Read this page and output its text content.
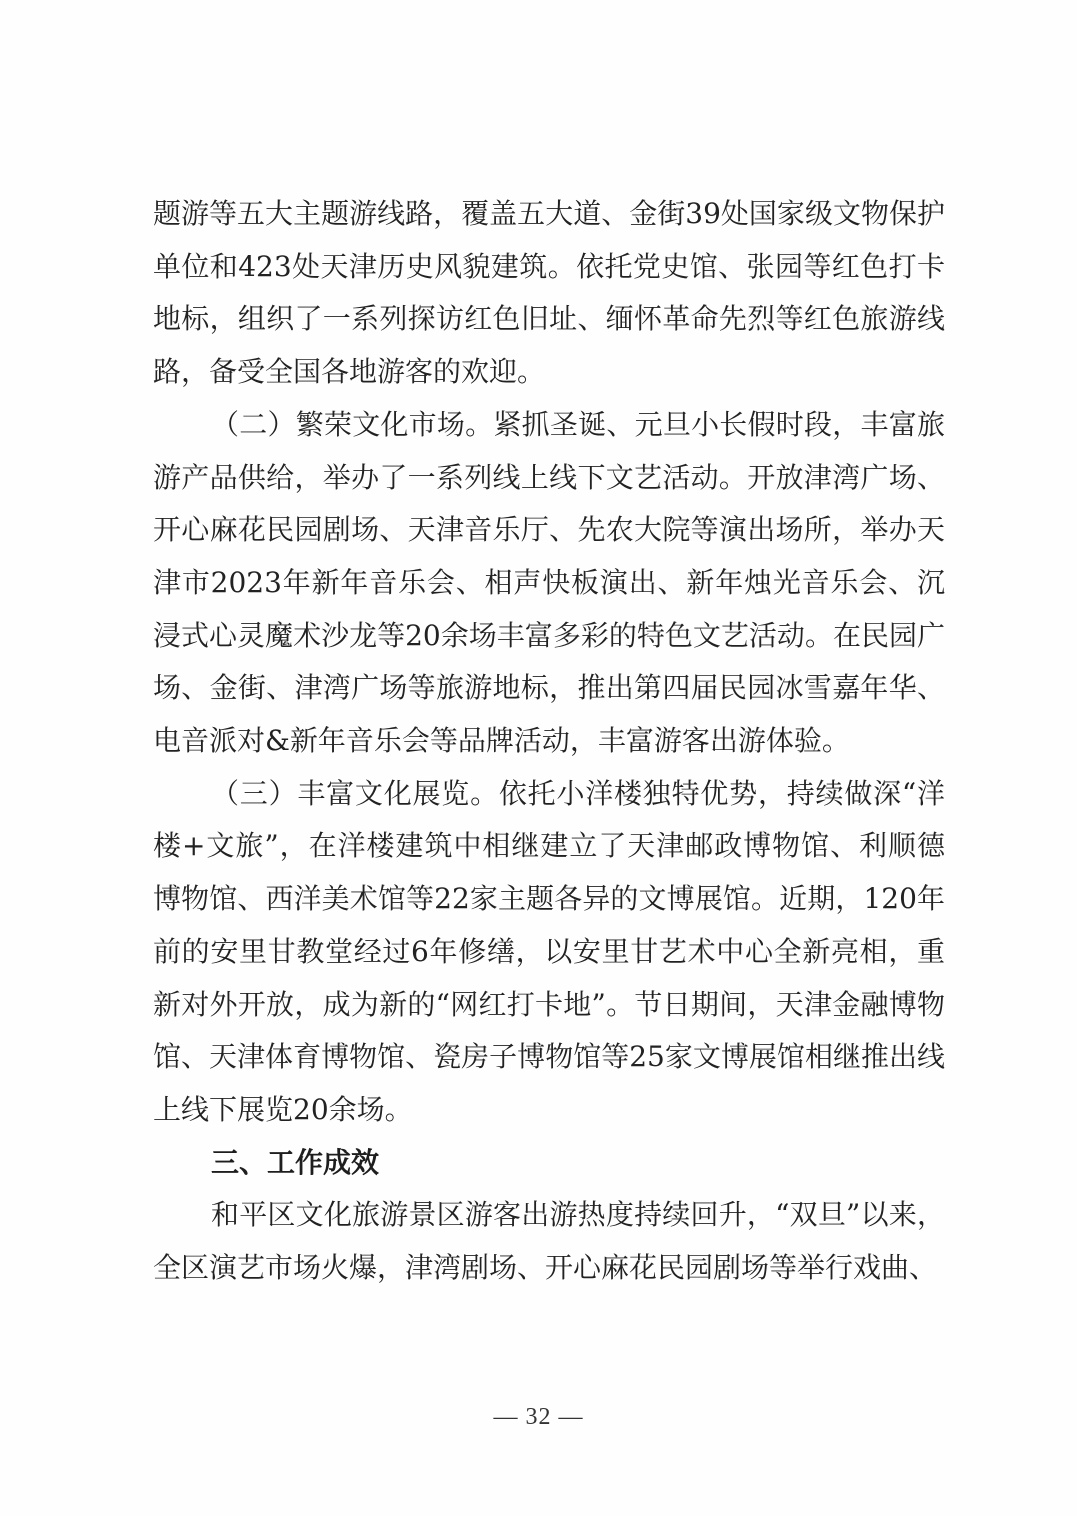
题游等五大主题游线路，覆盖五大道、金街39处国家级文物保护单位和423处天津历史风貌建筑。依托党史馆、张园等红色打卡地标，组织了一系列探访红色旧址、缅怀革命先烈等红色旅游线路，备受全国各地游客的欢迎。

（二）繁荣文化市场。紧抓圣诞、元旦小长假时段，丰富旅游产品供给，举办了一系列线上线下文艺活动。开放津湾广场、开心麻花民园剧场、天津音乐厅、先农大院等演出场所，举办天津市2023年新年音乐会、相声快板演出、新年烛光音乐会、沉浸式心灵魔术沙龙等20余场丰富多彩的特色文艺活动。在民园广场、金街、津湾广场等旅游地标，推出第四届民园冰雪嘉年华、电音派对&新年音乐会等品牌活动，丰富游客出游体验。

（三）丰富文化展览。依托小洋楼独特优势，持续做深“洋楼+文旅”，在洋楼建筑中相继建立了天津邮政博物馆、利顺德博物馆、西洋美术馆等22家主题各异的文博展馆。近期，120年前的安里甘教堂经过6年修缮，以安里甘艺术中心全新亮相，重新对外开放，成为新的“网红打卡地”。节日期间，天津金融博物馆、天津体育博物馆、瓷房子博物馆等25家文博展馆相继推出线上线下展览20余场。

三、工作成效

和平区文化旅游景区游客出游热度持续回升，“双旦”以来，全区演艺市场火爆，津湾剧场、开心麻花民园剧场等举行戏曲、

— 32 —
